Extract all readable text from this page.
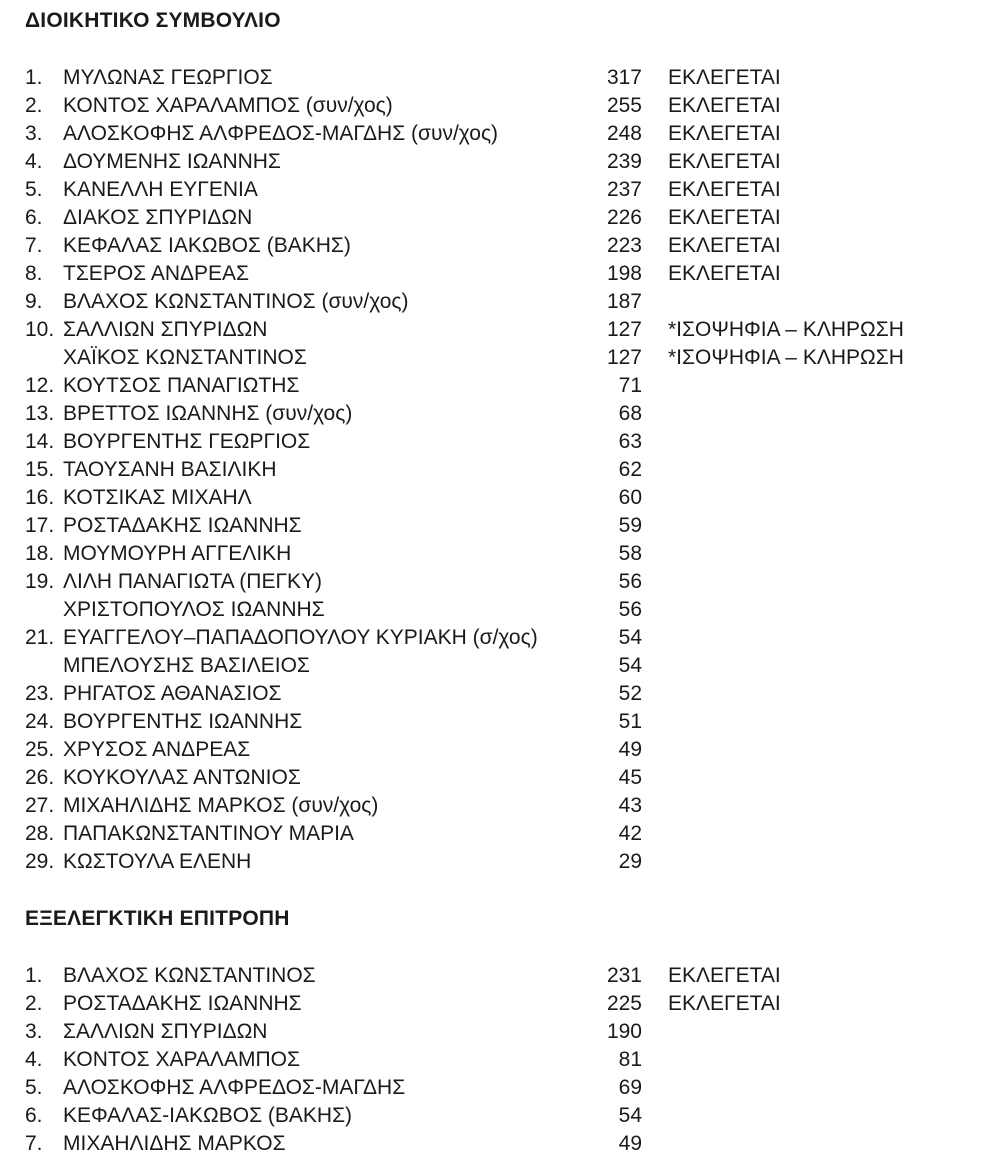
ΔΙΟΙΚΗΤΙΚΟ ΣΥΜΒΟΥΛΙΟ
1. ΜΥΛΩΝΑΣ ΓΕΩΡΓΙΟΣ	317 ΕΚΛΕΓΕΤΑΙ
2. ΚΟΝΤΟΣ ΧΑΡΑΛΑΜΠΟΣ (συν/χος)	255 ΕΚΛΕΓΕΤΑΙ
3. ΑΛΟΣΚΟΦΗΣ ΑΛΦΡΕΔΟΣ-ΜΑΓΔΗΣ (συν/χος)	248 ΕΚΛΕΓΕΤΑΙ
4. ΔΟΥΜΕΝΗΣ ΙΩΑΝΝΗΣ	239 ΕΚΛΕΓΕΤΑΙ
5. ΚΑΝΕΛΛΗ ΕΥΓΕΝΙΑ	237 ΕΚΛΕΓΕΤΑΙ
6. ΔΙΑΚΟΣ ΣΠΥΡΙΔΩΝ	226 ΕΚΛΕΓΕΤΑΙ
7. ΚΕΦΑΛΑΣ ΙΑΚΩΒΟΣ (ΒΑΚΗΣ)	223 ΕΚΛΕΓΕΤΑΙ
8. ΤΣΕΡΟΣ ΑΝΔΡΕΑΣ	198 ΕΚΛΕΓΕΤΑΙ
9. ΒΛΑΧΟΣ ΚΩΝΣΤΑΝΤΙΝΟΣ (συν/χος)	187
10. ΣΑΛΛΙΩΝ ΣΠΥΡΙΔΩΝ	127 *ΙΣΟΨΗΦΙΑ – ΚΛΗΡΩΣΗ
ΧΑΪΚΟΣ ΚΩΝΣΤΑΝΤΙΝΟΣ	127 *ΙΣΟΨΗΦΙΑ – ΚΛΗΡΩΣΗ
12. ΚΟΥΤΣΟΣ ΠΑΝΑΓΙΩΤΗΣ	71
13. ΒΡΕΤΤΟΣ ΙΩΑΝΝΗΣ (συν/χος)	68
14. ΒΟΥΡΓΕΝΤΗΣ ΓΕΩΡΓΙΟΣ	63
15. ΤΑΟΥΣΑΝΗ ΒΑΣΙΛΙΚΗ	62
16. ΚΟΤΣΙΚΑΣ ΜΙΧΑΗΛ	60
17. ΡΟΣΤΑΔΑΚΗΣ ΙΩΑΝΝΗΣ	59
18. ΜΟΥΜΟΥΡΗ ΑΓΓΕΛΙΚΗ	58
19. ΛΙΛΗ ΠΑΝΑΓΙΩΤΑ (ΠΕΓΚΥ)	56
ΧΡΙΣΤΟΠΟΥΛΟΣ ΙΩΑΝΝΗΣ	56
21. ΕΥΑΓΓΕΛΟΥ–ΠΑΠΑΔΟΠΟΥΛΟΥ ΚΥΡΙΑΚΗ (σ/χος)	54
ΜΠΕΛΟΥΣΗΣ ΒΑΣΙΛΕΙΟΣ	54
23. ΡΗΓΑΤΟΣ ΑΘΑΝΑΣΙΟΣ	52
24. ΒΟΥΡΓΕΝΤΗΣ ΙΩΑΝΝΗΣ	51
25. ΧΡΥΣΟΣ ΑΝΔΡΕΑΣ	49
26. ΚΟΥΚΟΥΛΑΣ ΑΝΤΩΝΙΟΣ	45
27. ΜΙΧΑΗΛΙΔΗΣ ΜΑΡΚΟΣ (συν/χος)	43
28. ΠΑΠΑΚΩΝΣΤΑΝΤΙΝΟΥ ΜΑΡΙΑ	42
29. ΚΩΣΤΟΥΛΑ ΕΛΕΝΗ	29
ΕΞΕΛΕΓΚΤΙΚΗ ΕΠΙΤΡΟΠΗ
1. ΒΛΑΧΟΣ ΚΩΝΣΤΑΝΤΙΝΟΣ	231 ΕΚΛΕΓΕΤΑΙ
2. ΡΟΣΤΑΔΑΚΗΣ ΙΩΑΝΝΗΣ	225 ΕΚΛΕΓΕΤΑΙ
3. ΣΑΛΛΙΩΝ ΣΠΥΡΙΔΩΝ	190
4. ΚΟΝΤΟΣ ΧΑΡΑΛΑΜΠΟΣ	81
5. ΑΛΟΣΚΟΦΗΣ ΑΛΦΡΕΔΟΣ-ΜΑΓΔΗΣ	69
6. ΚΕΦΑΛΑΣ-ΙΑΚΩΒΟΣ (ΒΑΚΗΣ)	54
7. ΜΙΧΑΗΛΙΔΗΣ ΜΑΡΚΟΣ	49
